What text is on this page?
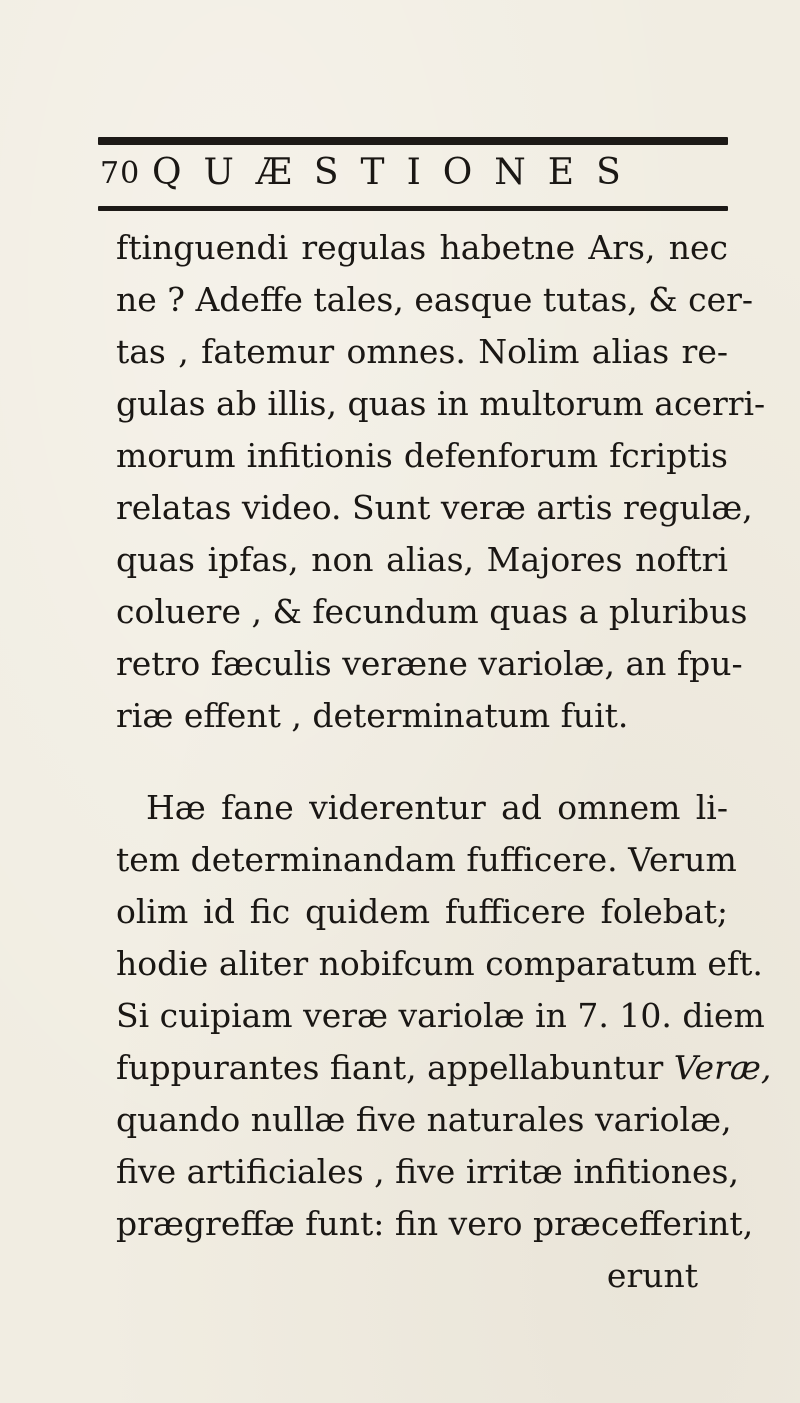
70 QUÆSTIONES
ftinguendi regulas habetne Ars, nec
ne ? Adeffe tales, easque tutas, & cer-
tas , fatemur omnes. Nolim alias re-
gulas ab illis, quas in multorum acerri-
morum infitionis defenforum fcriptis
relatas video. Sunt veræ artis regulæ,
quas ipfas, non alias, Majores noftri
coluere , & fecundum quas a pluribus
retro fæculis veræne variolæ, an fpu-
riæ effent , determinatum fuit.
Hæ fane viderentur ad omnem li-
tem determinandam fufficere. Verum
olim id fic quidem fufficere folebat;
hodie aliter nobifcum comparatum eft.
Si cuipiam veræ variolæ in 7. 10. diem
fuppurantes fiant, appellabuntur Veræ,
quando nullæ five naturales variolæ,
five artificiales , five irritæ infitiones,
prægreffæ funt: fin vero præcefferint,
erunt
